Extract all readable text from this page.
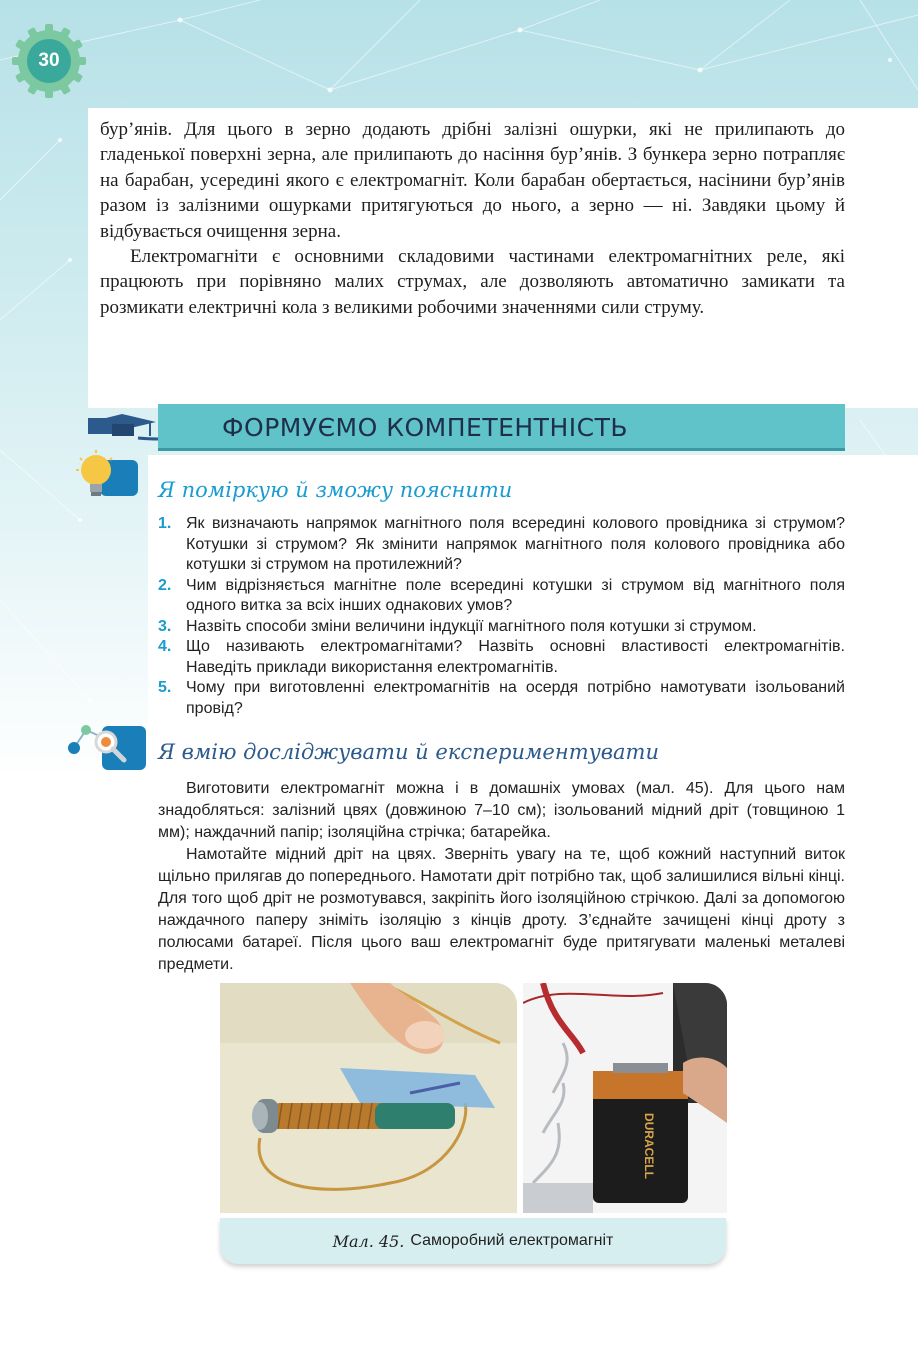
30

бур’янів. Для цього в зерно додають дрібні залізні ошурки, які не прилипають до гладенької поверхні зерна, але прилипають до насіння бур’янів. З бункера зерно потрапляє на барабан, усередині якого є електромагніт. Коли барабан обертається, насінини бур’янів разом із залізними ошурками притягуються до нього, а зерно — ні. Завдяки цьому й відбувається очищення зерна.

Електромагніти є основними складовими частинами електромагнітних реле, які працюють при порівняно малих струмах, але дозволяють автоматично замикати та розмикати електричні кола з великими робочими значеннями сили струму.

ФОРМУЄМО КОМПЕТЕНТНІСТЬ
Я поміркую й зможу пояснити
1. Як визначають напрямок магнітного поля всередині колового провідника зі струмом? Котушки зі струмом? Як змінити напрямок магнітного поля колового провідника або котушки зі струмом на протилежний?
2. Чим відрізняється магнітне поле всередині котушки зі струмом від магнітного поля одного витка за всіх інших однакових умов?
3. Назвіть способи зміни величини індукції магнітного поля котушки зі струмом.
4. Що називають електромагнітами? Назвіть основні властивості електромагнітів. Наведіть приклади використання електромагнітів.
5. Чому при виготовленні електромагнітів на осердя потрібно намотувати ізольований провід?
Я вмію досліджувати й експериментувати

Виготовити електромагніт можна і в домашніх умовах (мал. 45). Для цього нам знадобляться: залізний цвях (довжиною 7–10 см); ізольований мідний дріт (товщиною 1 мм); наждачний папір; ізоляційна стрічка; батарейка.

Намотайте мідний дріт на цвях. Зверніть увагу на те, щоб кожний наступний виток щільно прилягав до попереднього. Намотати дріт потрібно так, щоб залишилися вільні кінці. Для того щоб дріт не розмотувався, закріпіть його ізоляційною стрічкою. Далі за допомогою наждачного паперу зніміть ізоляцію з кінців дроту. З’єднайте зачищені кінці дроту з полюсами батареї. Після цього ваш електромагніт буде притягувати маленькі металеві предмети.

DURACELL
Мал. 45. Саморобний електромагніт
